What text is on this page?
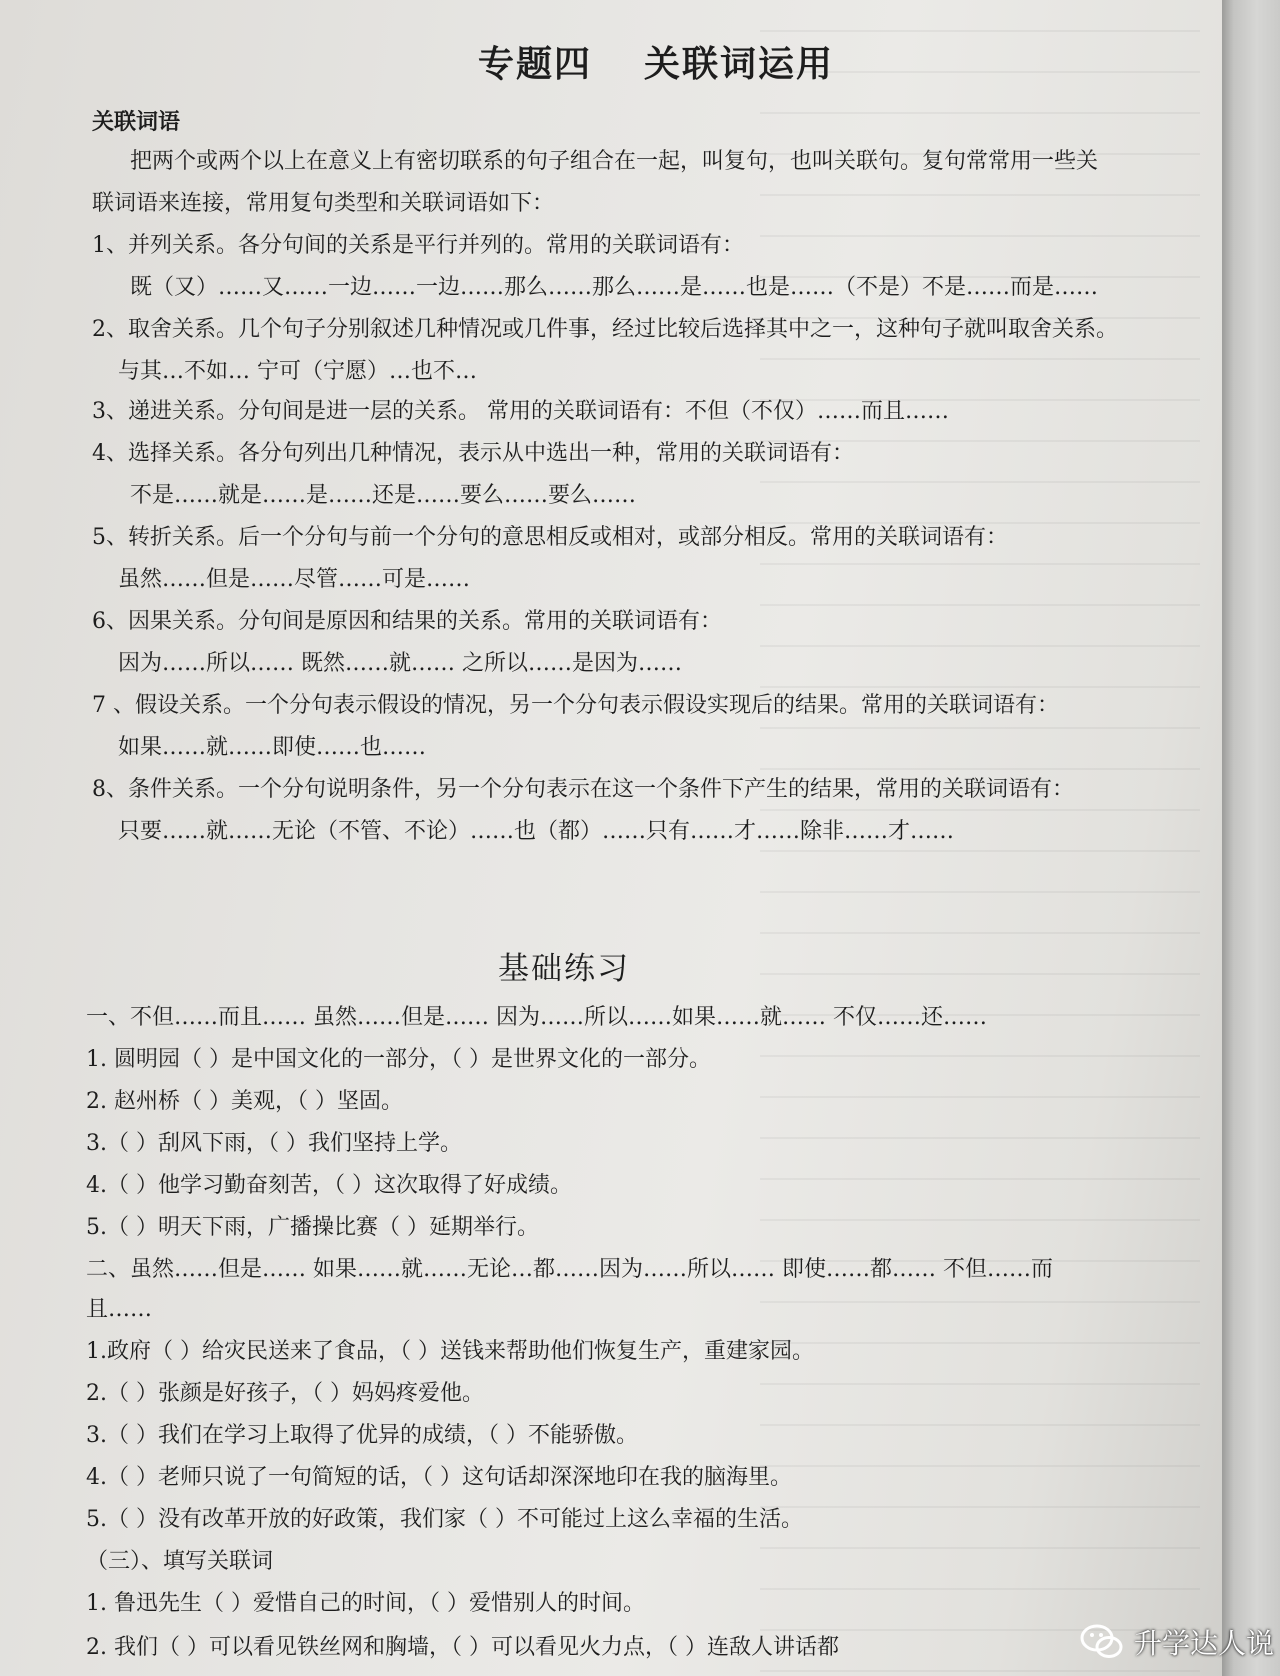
专题四 关联词运用
关联词语
把两个或两个以上在意义上有密切联系的句子组合在一起，叫复句，也叫关联句。复句常常用一些关
联词语来连接，常用复句类型和关联词语如下：
1、并列关系。各分句间的关系是平行并列的。常用的关联词语有：
既（又）……又……一边……一边……那么……那么……是……也是……（不是）不是……而是……
2、取舍关系。几个句子分别叙述几种情况或几件事，经过比较后选择其中之一，这种句子就叫取舍关系。
与其…不如… 宁可（宁愿）…也不…
3、递进关系。分句间是进一层的关系。 常用的关联词语有：不但（不仅）……而且……
4、选择关系。各分句列出几种情况，表示从中选出一种，常用的关联词语有：
不是……就是……是……还是……要么……要么……
5、转折关系。后一个分句与前一个分句的意思相反或相对，或部分相反。常用的关联词语有：
虽然……但是……尽管……可是……
6、因果关系。分句间是原因和结果的关系。常用的关联词语有：
因为……所以…… 既然……就…… 之所以……是因为……
7 、假设关系。一个分句表示假设的情况，另一个分句表示假设实现后的结果。常用的关联词语有：
如果……就……即使……也……
8、条件关系。一个分句说明条件，另一个分句表示在这一个条件下产生的结果，常用的关联词语有：
只要……就……无论（不管、不论）……也（都）……只有……才……除非……才……
基础练习
一、不但……而且…… 虽然……但是…… 因为……所以……如果……就…… 不仅……还……
1. 圆明园（ ）是中国文化的一部分，（ ）是世界文化的一部分。
2. 赵州桥（ ）美观，（ ）坚固。
3.（ ）刮风下雨，（ ）我们坚持上学。
4.（ ）他学习勤奋刻苦，（ ）这次取得了好成绩。
5.（ ）明天下雨，广播操比赛（ ）延期举行。
二、虽然……但是…… 如果……就……无论…都……因为……所以…… 即使……都…… 不但……而
且……
1.政府（ ）给灾民送来了食品，（ ）送钱来帮助他们恢复生产，重建家园。
2.（ ）张颜是好孩子，（ ）妈妈疼爱他。
3.（ ）我们在学习上取得了优异的成绩，（ ）不能骄傲。
4.（ ）老师只说了一句简短的话，（ ）这句话却深深地印在我的脑海里。
5.（ ）没有改革开放的好政策，我们家（ ）不可能过上这么幸福的生活。
（三）、填写关联词
1. 鲁迅先生（ ）爱惜自己的时间，（ ）爱惜别人的时间。
2. 我们（ ）可以看见铁丝网和胸墙，（ ）可以看见火力点，（ ）连敌人讲话都	升学达人说
